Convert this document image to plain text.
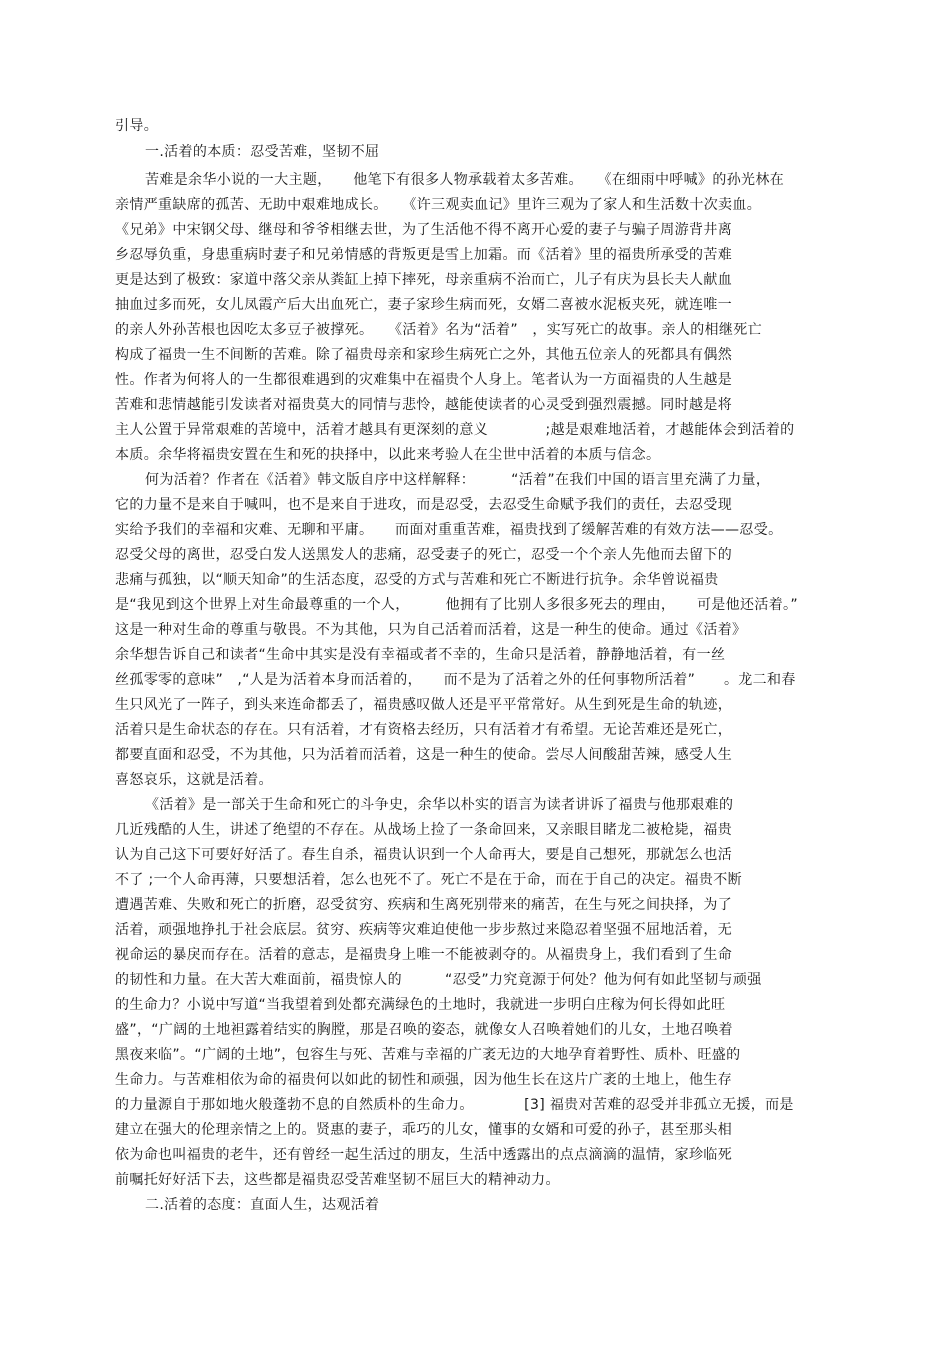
引导。
一.活着的本质：忍受苦难，坚韧不屈
苦难是余华小说的一大主题，　　他笔下有很多人物承载着太多苦难。　　《在细雨中呼喊》的孙光林在
亲情严重缺席的孤苦、无助中艰难地成长。　　《许三观卖血记》里许三观为了家人和生活数十次卖血。
《兄弟》中宋钢父母、继母和爷爷相继去世，为了生活他不得不离开心爱的妻子与骗子周游背井离
乡忍辱负重，身患重病时妻子和兄弟情感的背叛更是雪上加霜。而《活着》里的福贵所承受的苦难
更是达到了极致：家道中落父亲从粪缸上掉下摔死，母亲重病不治而亡，儿子有庆为县长夫人献血
抽血过多而死，女儿凤霞产后大出血死亡，妻子家珍生病而死，女婿二喜被水泥板夹死，就连唯一
的亲人外孙苦根也因吃太多豆子被撑死。　　《活着》名为“活着”　，实写死亡的故事。亲人的相继死亡
构成了福贵一生不间断的苦难。除了福贵母亲和家珍生病死亡之外，其他五位亲人的死都具有偶然
性。作者为何将人的一生都很难遇到的灾难集中在福贵个人身上。笔者认为一方面福贵的人生越是
苦难和悲情越能引发读者对福贵莫大的同情与悲怜，越能使读者的心灵受到强烈震撼。同时越是将
主人公置于异常艰难的苦境中，活着才越具有更深刻的意义　　　　;越是艰难地活着，才越能体会到活着的
本质。余华将福贵安置在生和死的抉择中，以此来考验人在尘世中活着的本质与信念。
何为活着？作者在《活着》韩文版自序中这样解释：　　　“活着”在我们中国的语言里充满了力量，
它的力量不是来自于喊叫，也不是来自于进攻，而是忍受，去忍受生命赋予我们的责任，去忍受现
实给予我们的幸福和灾难、无聊和平庸。　　而面对重重苦难，福贵找到了缓解苦难的有效方法——忍受。
忍受父母的离世，忍受白发人送黑发人的悲痛，忍受妻子的死亡，忍受一个个亲人先他而去留下的
悲痛与孤独，以“顺天知命”的生活态度，忍受的方式与苦难和死亡不断进行抗争。余华曾说福贵
是“我见到这个世界上对生命最尊重的一个人，　　　他拥有了比别人多很多死去的理由，　　可是他还活着。”
这是一种对生命的尊重与敬畏。不为其他，只为自己活着而活着，这是一种生的使命。通过《活着》
余华想告诉自己和读者“生命中其实是没有幸福或者不幸的，生命只是活着，静静地活着，有一丝
丝孤零零的意味”　,“人是为活着本身而活着的，　　而不是为了活着之外的任何事物所活着”　　。龙二和春
生只风光了一阵子，到头来连命都丢了，福贵感叹做人还是平平常常好。从生到死是生命的轨迹，
活着只是生命状态的存在。只有活着，才有资格去经历，只有活着才有希望。无论苦难还是死亡，
都要直面和忍受，不为其他，只为活着而活着，这是一种生的使命。尝尽人间酸甜苦辣，感受人生
喜怒哀乐，这就是活着。
《活着》是一部关于生命和死亡的斗争史，余华以朴实的语言为读者讲诉了福贵与他那艰难的
几近残酷的人生，讲述了绝望的不存在。从战场上捡了一条命回来，又亲眼目睹龙二被枪毙，福贵
认为自己这下可要好好活了。春生自杀，福贵认识到一个人命再大，要是自己想死，那就怎么也活
不了 ;一个人命再薄，只要想活着，怎么也死不了。死亡不是在于命，而在于自己的决定。福贵不断
遭遇苦难、失败和死亡的折磨，忍受贫穷、疾病和生离死别带来的痛苦，在生与死之间抉择，为了
活着，顽强地挣扎于社会底层。贫穷、疾病等灾难迫使他一步步熬过来隐忍着坚强不屈地活着，无
视命运的暴戾而存在。活着的意志，是福贵身上唯一不能被剥夺的。从福贵身上，我们看到了生命
的韧性和力量。在大苦大难面前，福贵惊人的　　　“忍受”力究竟源于何处？他为何有如此坚韧与顽强
的生命力？小说中写道“当我望着到处都充满绿色的土地时，我就进一步明白庄稼为何长得如此旺
盛”，“广阔的土地袒露着结实的胸膛，那是召唤的姿态，就像女人召唤着她们的儿女，土地召唤着
黑夜来临”。“广阔的土地”，包容生与死、苦难与幸福的广袤无边的大地孕育着野性、质朴、旺盛的
生命力。与苦难相依为命的福贵何以如此的韧性和顽强，因为他生长在这片广袤的土地上，他生存
的力量源自于那如地火般蓬勃不息的自然质朴的生命力。　　　　[3] 福贵对苦难的忍受并非孤立无援，而是
建立在强大的伦理亲情之上的。贤惠的妻子，乖巧的儿女，懂事的女婿和可爱的孙子，甚至那头相
依为命也叫福贵的老牛，还有曾经一起生活过的朋友，生活中透露出的点点滴滴的温情，家珍临死
前嘱托好好活下去，这些都是福贵忍受苦难坚韧不屈巨大的精神动力。
二.活着的态度：直面人生，达观活着
